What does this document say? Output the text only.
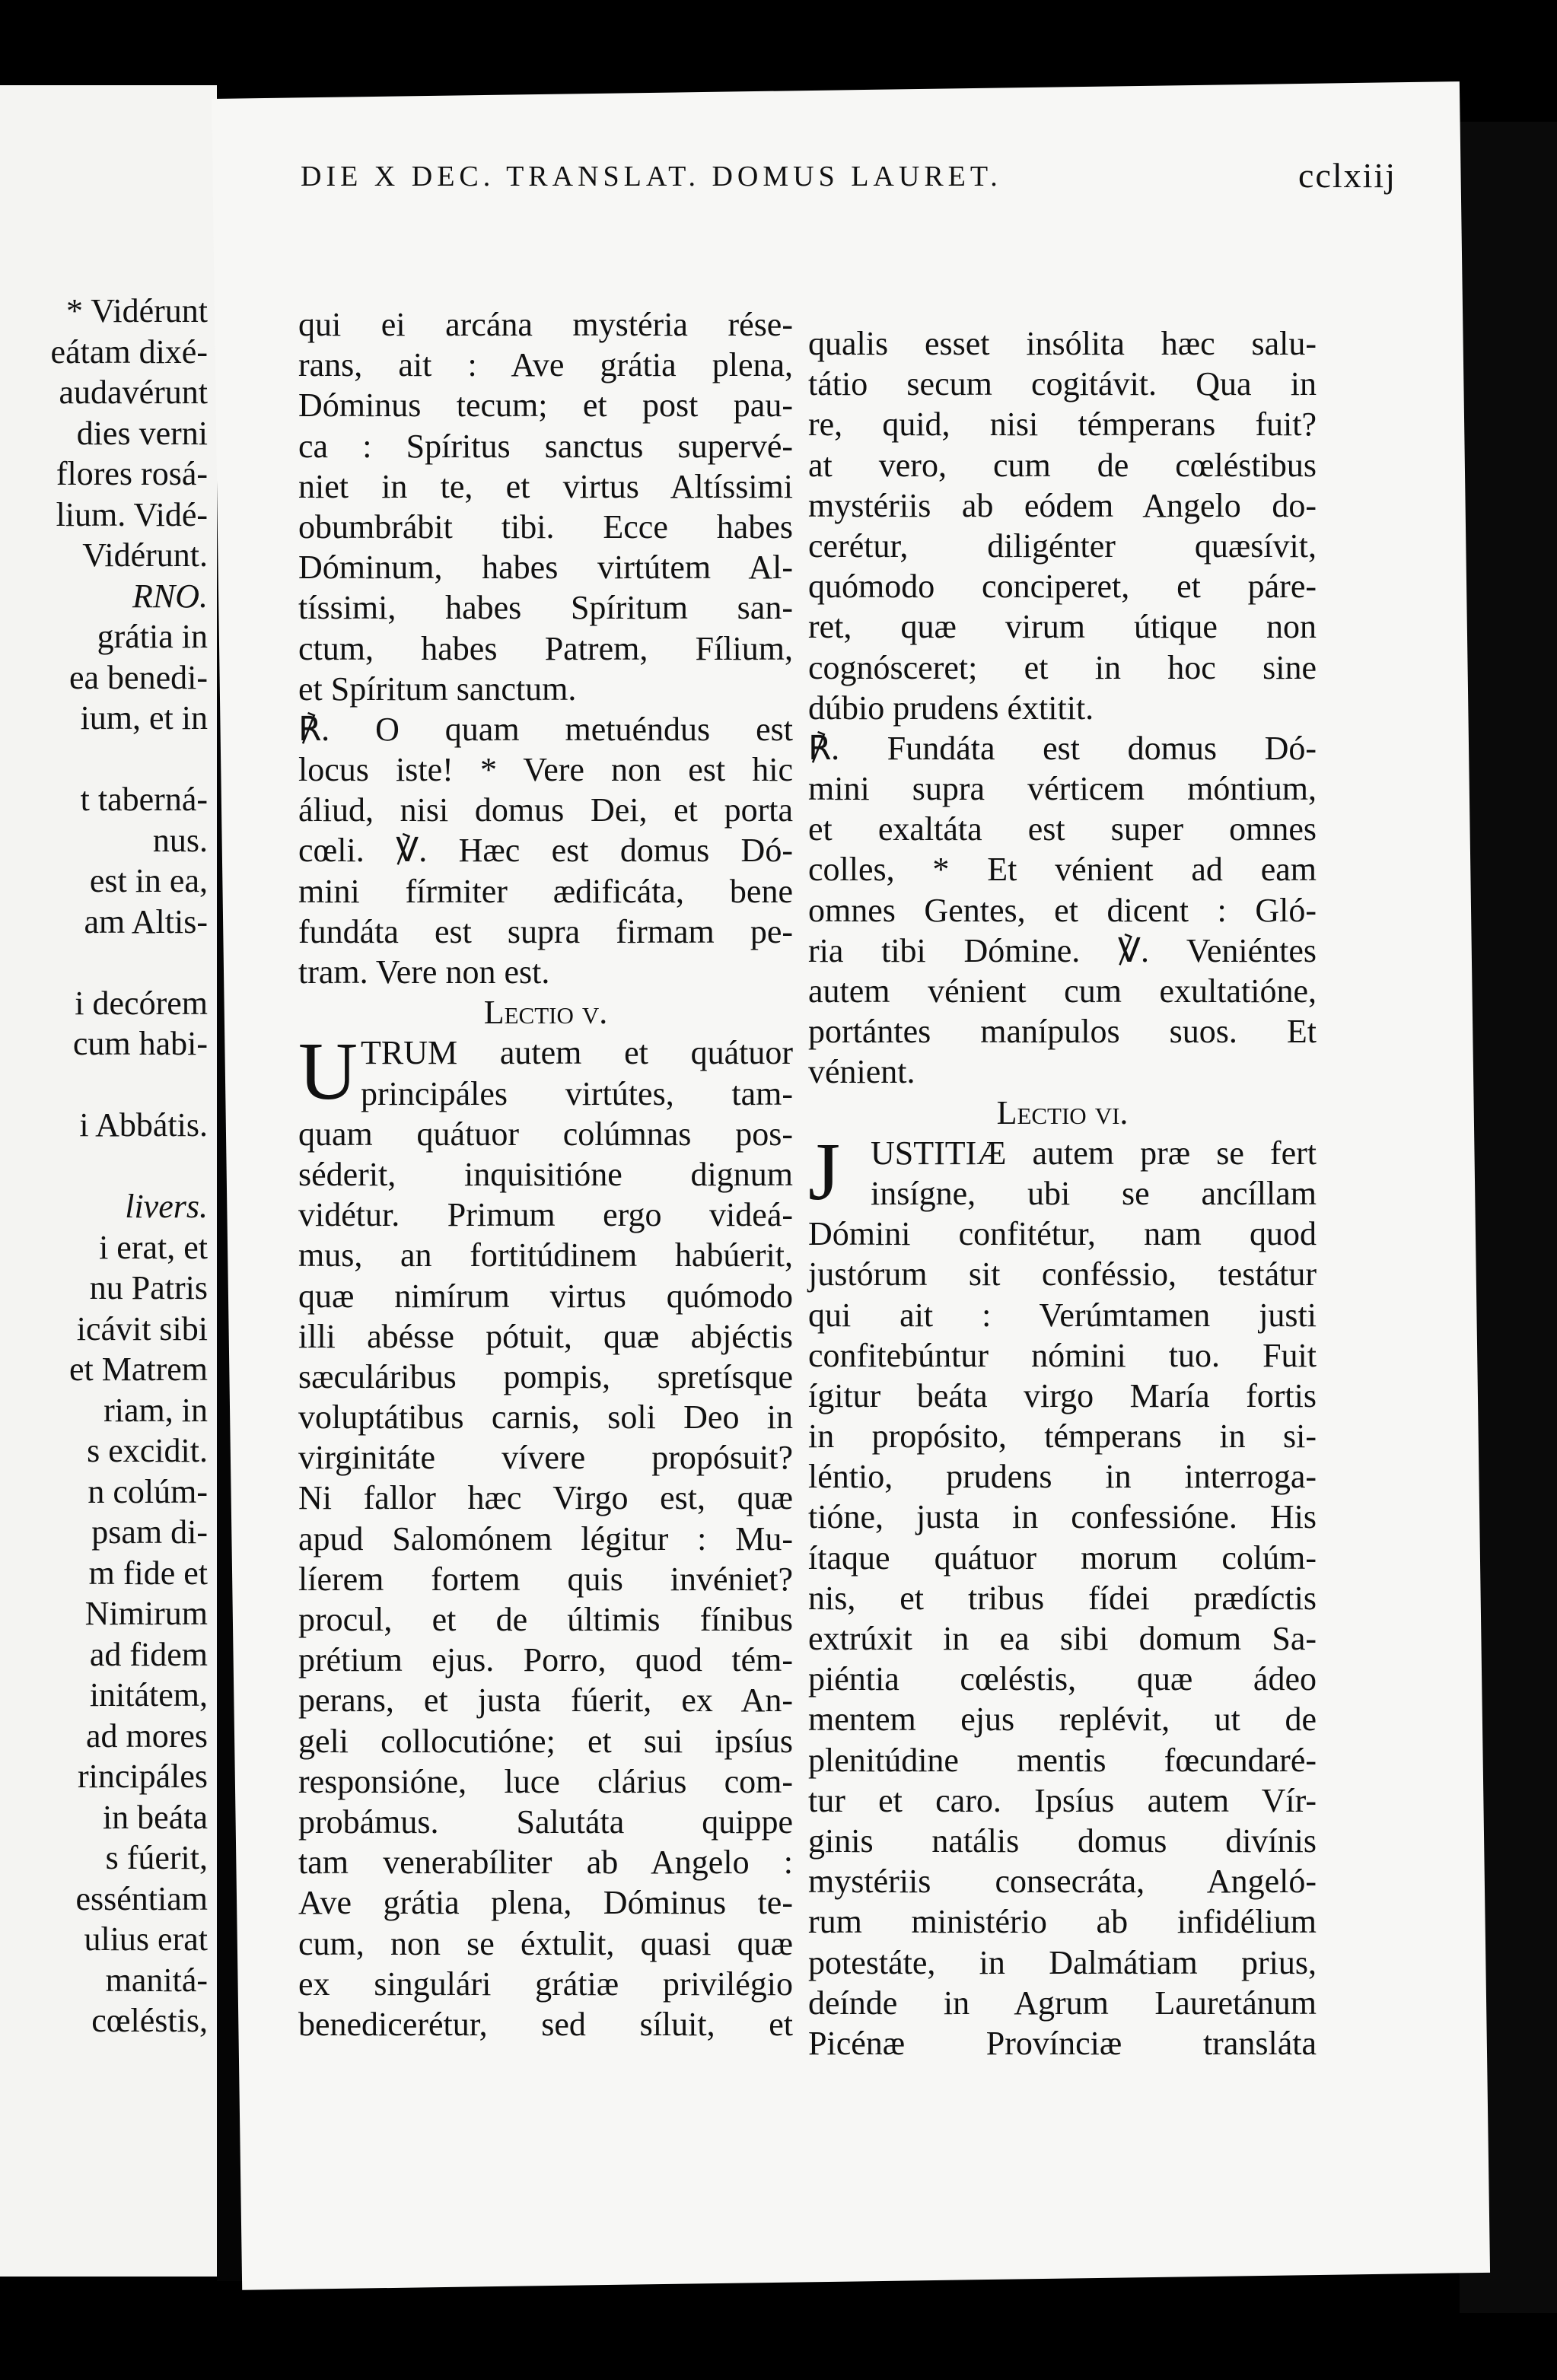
* Vidérunt
eátam dixé-
audavérunt
dies verni
flores rosá-
lium. Vidé-
Vidérunt.
RNO.
grátia in
ea benedi-
ium, et in
t taberná-
nus.
est in ea,
am Altis-
i decórem
cum habi-
i Abbátis.
livers.
i erat, et
nu Patris
icávit sibi
et Matrem
riam, in
s excidit.
n colúm-
psam di-
m fide et
Nimirum
ad fidem
initátem,
ad mores
rincipáles
in beáta
s fúerit,
esséntiam
ulius erat
manitá-
cœléstis,
DIE X DEC. TRANSLAT. DOMUS LAURET.	cclxiij
qui ei arcána mystéria rése-
rans, ait : Ave grátia plena,
Dóminus tecum; et post pau-
ca : Spíritus sanctus supervé-
niet in te, et virtus Altíssimi
obumbrábit tibi. Ecce habes
Dóminum, habes virtútem Al-
tíssimi, habes Spíritum san-
ctum, habes Patrem, Fílium,
et Spíritum sanctum.
℟. O quam metuéndus est
locus iste! * Vere non est hic
áliud, nisi domus Dei, et porta
cœli. ℣. Hæc est domus Dó-
mini fírmiter ædificáta, bene
fundáta est supra firmam pe-
tram. Vere non est.
Lectio v.
U TRUM autem et quátuor
principáles virtútes, tam-
quam quátuor colúmnas pos-
séderit, inquisitióne dignum
vidétur. Primum ergo videá-
mus, an fortitúdinem habúerit,
quæ nimírum virtus quómodo
illi abésse pótuit, quæ abjéctis
sæculáribus pompis, spretísque
voluptátibus carnis, soli Deo in
virginitáte vívere propósuit?
Ni fallor hæc Virgo est, quæ
apud Salomónem légitur : Mu-
líerem fortem quis invéniet?
procul, et de últimis fínibus
prétium ejus. Porro, quod tém-
perans, et justa fúerit, ex An-
geli collocutióne; et sui ipsíus
responsióne, luce clárius com-
probámus. Salutáta quippe
tam venerabíliter ab Angelo :
Ave grátia plena, Dóminus te-
cum, non se éxtulit, quasi quæ
ex singulári grátiæ privilégio
benedicerétur, sed síluit, et
qualis esset insólita hæc salu-
tátio secum cogitávit. Qua in
re, quid, nisi témperans fuit?
at vero, cum de cœléstibus
mystériis ab eódem Angelo do-
cerétur, diligénter quæsívit,
quómodo conciperet, et páre-
ret, quæ virum útique non
cognósceret; et in hoc sine
dúbio prudens éxtitit.
℟. Fundáta est domus Dó-
mini supra vérticem móntium,
et exaltáta est super omnes
colles, * Et vénient ad eam
omnes Gentes, et dicent : Gló-
ria tibi Dómine. ℣. Veniéntes
autem vénient cum exultatióne,
portántes manípulos suos. Et
vénient.
Lectio vi.
J USTITIÆ autem præ se fert
insígne, ubi se ancíllam
Dómini confitétur, nam quod
justórum sit conféssio, testátur
qui ait : Verúmtamen justi
confitebúntur nómini tuo. Fuit
ígitur beáta virgo María fortis
in propósito, témperans in si-
léntio, prudens in interroga-
tióne, justa in confessióne. His
ítaque quátuor morum colúm-
nis, et tribus fídei prædíctis
extrúxit in ea sibi domum Sa-
piéntia cœléstis, quæ ádeo
mentem ejus replévit, ut de
plenitúdine mentis fœcundaré-
tur et caro. Ipsíus autem Vír-
ginis natális domus divínis
mystériis consecráta, Angeló-
rum ministério ab infidélium
potestáte, in Dalmátiam prius,
deínde in Agrum Lauretánum
Picénæ Provínciæ transláta
